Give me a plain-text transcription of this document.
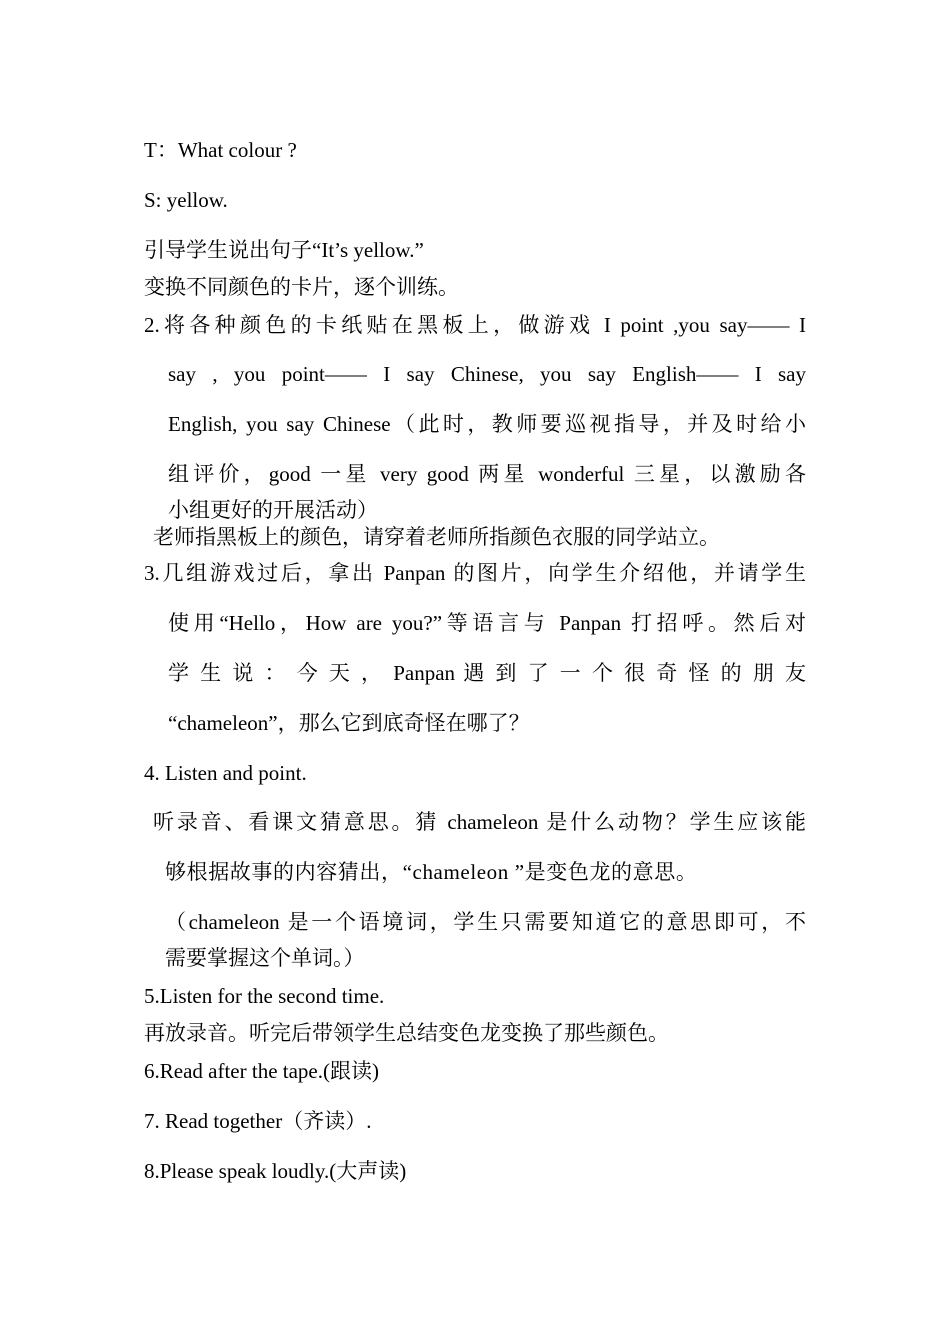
T：What colour ?
S: yellow.
引导学生说出句子“It’s yellow.”
变换不同颜色的卡片，逐个训练。
2.将各种颜色的卡纸贴在黑板上，做游戏 I point ,you say—— I
say , you point—— I say Chinese, you say English—— I say
English, you say Chinese（此时，教师要巡视指导，并及时给小
组评价，good 一星 very good 两星 wonderful 三星，以激励各
小组更好的开展活动）
老师指黑板上的颜色，请穿着老师所指颜色衣服的同学站立。
3.几组游戏过后，拿出 Panpan 的图片，向学生介绍他，并请学生
使用“Hello，How are you?”等语言与 Panpan 打招呼。然后对
学 生 说 ： 今 天 ， Panpan 遇 到 了 一 个 很 奇 怪 的 朋 友
“chameleon”，那么它到底奇怪在哪了？
4. Listen and point.
听录音、看课文猜意思。猜 chameleon 是什么动物？学生应该能
够根据故事的内容猜出，“chameleon ”是变色龙的意思。
（chameleon 是一个语境词，学生只需要知道它的意思即可，不
需要掌握这个单词。）
5.Listen for the second time.
再放录音。听完后带领学生总结变色龙变换了那些颜色。
6.Read after the tape.(跟读)
7. Read together（齐读）.
8.Please speak loudly.(大声读)
